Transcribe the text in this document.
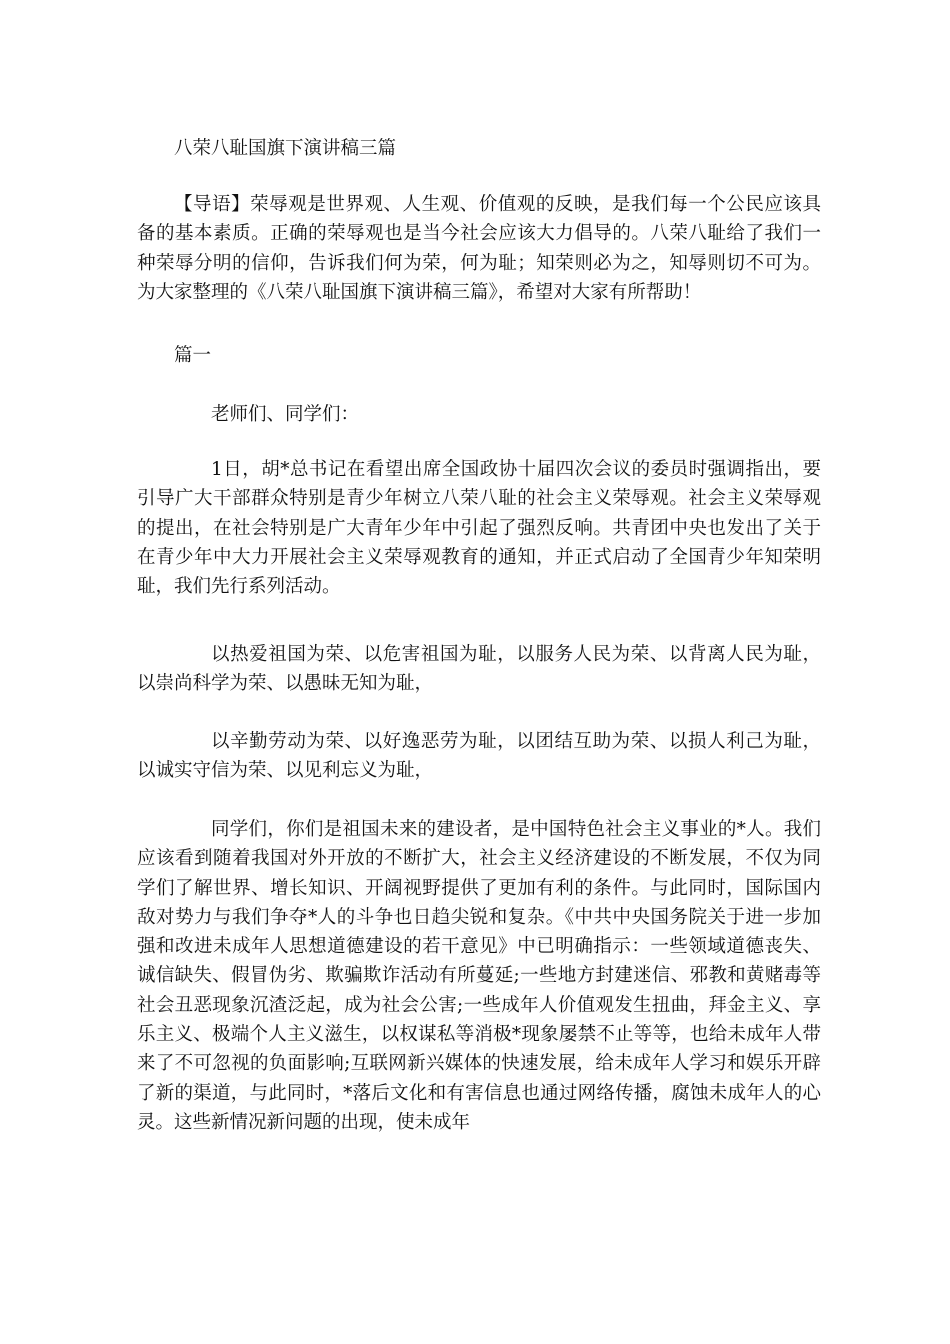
八荣八耻国旗下演讲稿三篇

【导语】荣辱观是世界观、人生观、价值观的反映，是我们每一个公民应该具备的基本素质。正确的荣辱观也是当今社会应该大力倡导的。八荣八耻给了我们一种荣辱分明的信仰，告诉我们何为荣，何为耻；知荣则必为之，知辱则切不可为。为大家整理的《八荣八耻国旗下演讲稿三篇》，希望对大家有所帮助！

篇一

老师们、同学们：

1日，胡*总书记在看望出席全国政协十届四次会议的委员时强调指出，要引导广大干部群众特别是青少年树立八荣八耻的社会主义荣辱观。社会主义荣辱观的提出，在社会特别是广大青年少年中引起了强烈反响。共青团中央也发出了关于在青少年中大力开展社会主义荣辱观教育的通知，并正式启动了全国青少年知荣明耻，我们先行系列活动。

以热爱祖国为荣、以危害祖国为耻，以服务人民为荣、以背离人民为耻，以崇尚科学为荣、以愚昧无知为耻，

以辛勤劳动为荣、以好逸恶劳为耻，以团结互助为荣、以损人利己为耻，以诚实守信为荣、以见利忘义为耻，

同学们，你们是祖国未来的建设者，是中国特色社会主义事业的*人。我们应该看到随着我国对外开放的不断扩大，社会主义经济建设的不断发展，不仅为同学们了解世界、增长知识、开阔视野提供了更加有利的条件。与此同时，国际国内敌对势力与我们争夺*人的斗争也日趋尖锐和复杂。《中共中央国务院关于进一步加强和改进未成年人思想道德建设的若干意见》中已明确指示：一些领域道德丧失、诚信缺失、假冒伪劣、欺骗欺诈活动有所蔓延;一些地方封建迷信、邪教和黄赌毒等社会丑恶现象沉渣泛起，成为社会公害;一些成年人价值观发生扭曲，拜金主义、享乐主义、极端个人主义滋生，以权谋私等消极*现象屡禁不止等等，也给未成年人带来了不可忽视的负面影响;互联网新兴媒体的快速发展，给未成年人学习和娱乐开辟了新的渠道，与此同时，*落后文化和有害信息也通过网络传播，腐蚀未成年人的心灵。这些新情况新问题的出现，使未成年
